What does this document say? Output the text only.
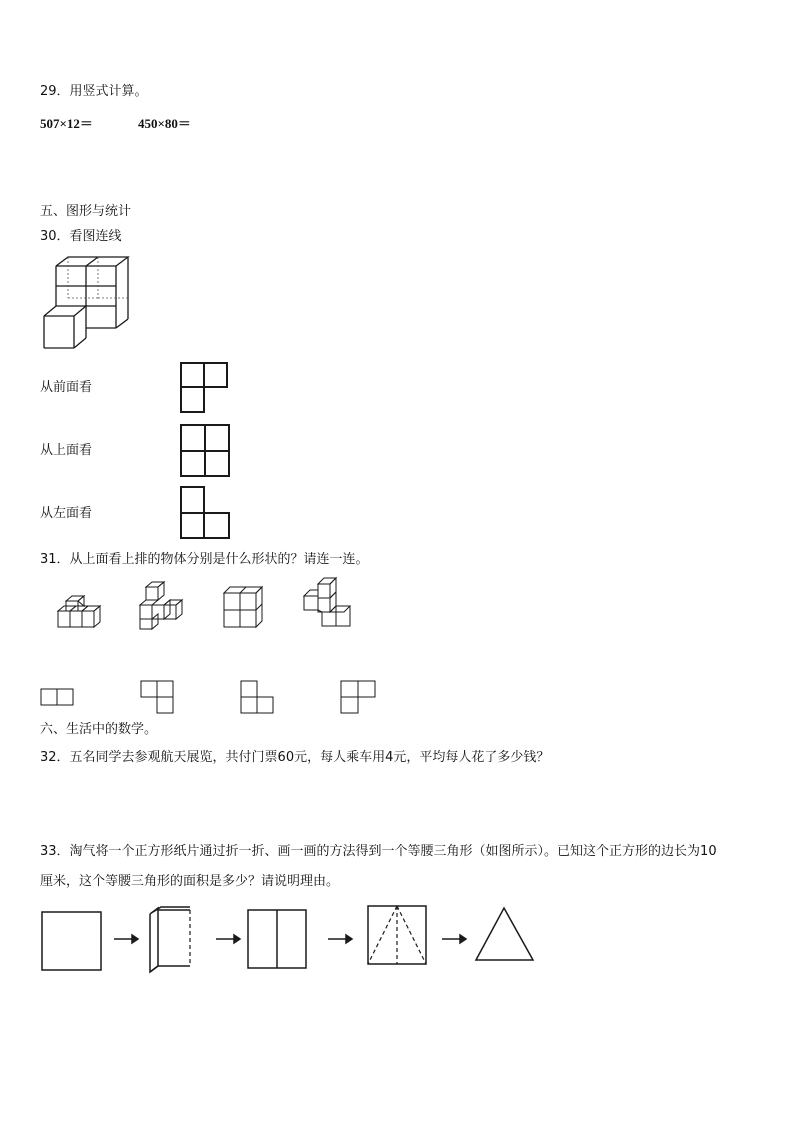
29．用竖式计算。
507×12＝	450×80＝
五、图形与统计
30．看图连线
从前面看
从上面看
从左面看
31．从上面看上排的物体分别是什么形状的？请连一连。
六、生活中的数学。
32．五名同学去参观航天展览，共付门票60元，每人乘车用4元，平均每人花了多少钱？
33．淘气将一个正方形纸片通过折一折、画一画的方法得到一个等腰三角形（如图所示）。已知这个正方形的边长为10
厘米，这个等腰三角形的面积是多少？请说明理由。
